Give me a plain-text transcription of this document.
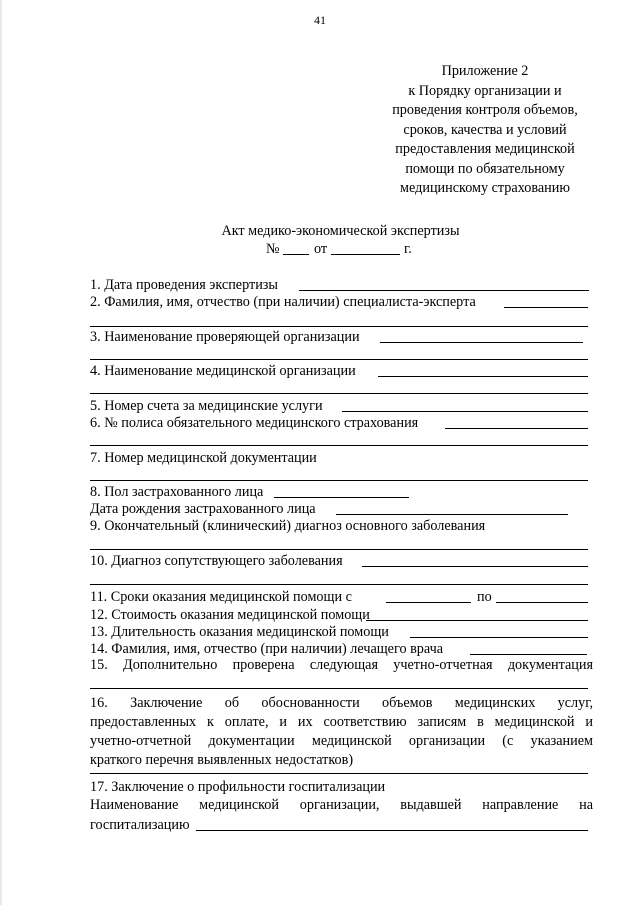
41
Приложение 2
к Порядку организации и
проведения контроля объемов,
сроков, качества и условий
предоставления медицинской
помощи по обязательному
медицинскому страхованию
Акт медико-экономической экспертизы
№ от	г.
1. Дата проведения экспертизы
2. Фамилия, имя, отчество (при наличии) специалиста-эксперта
3. Наименование проверяющей организации
4. Наименование медицинской организации
5. Номер счета за медицинские услуги
6. № полиса обязательного медицинского страхования
7. Номер медицинской документации
8. Пол застрахованного лица
Дата рождения застрахованного лица
9. Окончательный (клинический) диагноз основного заболевания
10. Диагноз сопутствующего заболевания
11. Сроки оказания медицинской помощи с	по
12. Стоимость оказания медицинской помощи
13. Длительность оказания медицинской помощи
14. Фамилия, имя, отчество (при наличии) лечащего врача
15. Дополнительно проверена следующая учетно-отчетная документация
16. Заключение об обоснованности объемов медицинских услуг,
предоставленных к оплате, и их соответствию записям в медицинской и
учетно-отчетной документации медицинской организации (с указанием
краткого перечня выявленных недостатков)
17. Заключение о профильности госпитализации
Наименование медицинской организации, выдавшей направление на
госпитализацию
